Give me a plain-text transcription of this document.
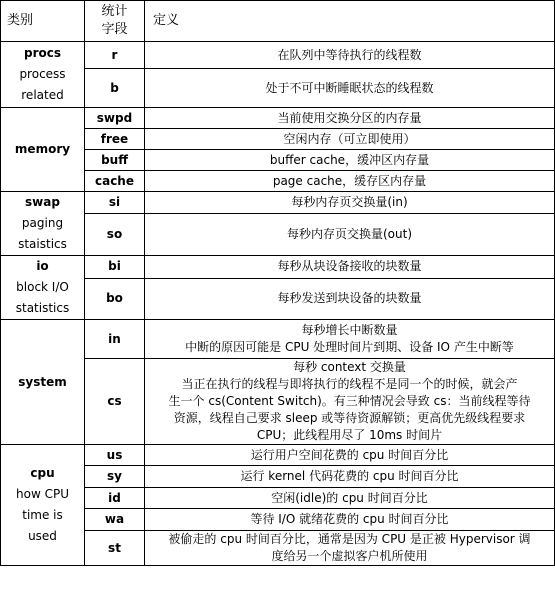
类别	统计
字段	定义

procs
process
related	r	在队列中等待执行的线程数

	b	处于不可中断睡眠状态的线程数

memory	swpd	当前使用交换分区的内存量

	free	空闲内存（可立即使用）

	buff	buffer cache，缓冲区内存量

	cache	page cache，缓存区内存量

swap
paging
staistics	si	每秒内存页交换量(in)

	so	每秒内存页交换量(out)

io
block I/O
statistics	bi	每秒从块设备接收的块数量

	bo	每秒发送到块设备的块数量

system	in	每秒增长中断数量
中断的原因可能是 CPU 处理时间片到期、设备 IO 产生中断等

	cs	每秒 context 交换量
当正在执行的线程与即将执行的线程不是同一个的时候，就会产
生一个 cs(Content Switch)。有三种情况会导致 cs：当前线程等待
资源，线程自己要求 sleep 或等待资源解锁；更高优先级线程要求
CPU；此线程用尽了 10ms 时间片

cpu
how CPU
time is
used	us	运行用户空间花费的 cpu 时间百分比

	sy	运行 kernel 代码花费的 cpu 时间百分比

	id	空闲(idle)的 cpu 时间百分比

	wa	等待 I/O 就绪花费的 cpu 时间百分比

	st	被偷走的 cpu 时间百分比，通常是因为 CPU 是正被 Hypervisor 调
度给另一个虚拟客户机所使用
